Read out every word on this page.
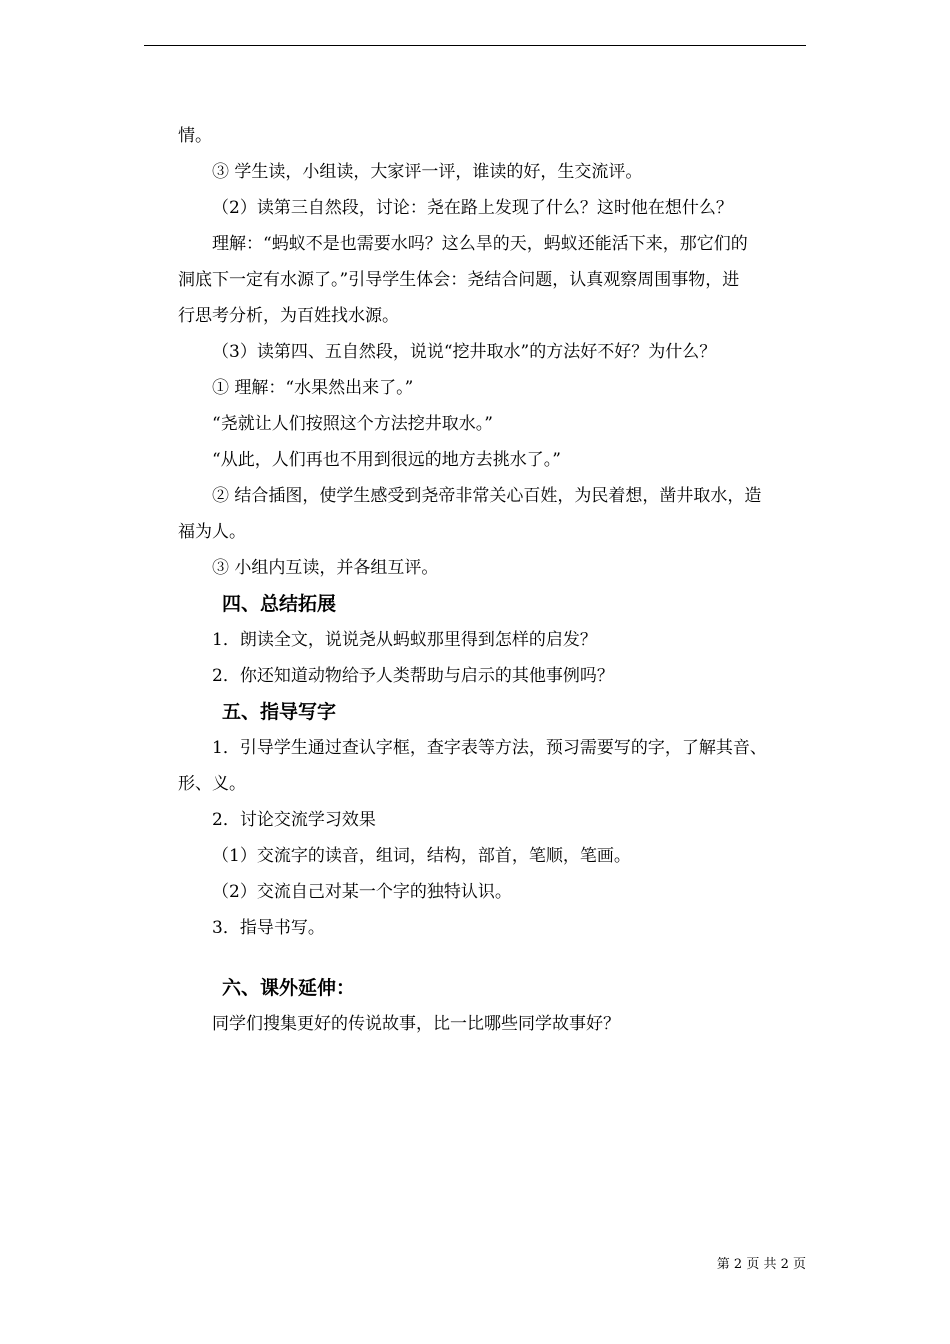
情。
③ 学生读，小组读，大家评一评，谁读的好，生交流评。
（2）读第三自然段，讨论：尧在路上发现了什么？这时他在想什么？
理解：“蚂蚁不是也需要水吗？这么旱的天，蚂蚁还能活下来，那它们的
洞底下一定有水源了。”引导学生体会：尧结合问题，认真观察周围事物，进
行思考分析，为百姓找水源。
（3）读第四、五自然段，说说“挖井取水”的方法好不好？为什么？
① 理解：“水果然出来了。”
“尧就让人们按照这个方法挖井取水。”
“从此，人们再也不用到很远的地方去挑水了。”
② 结合插图，使学生感受到尧帝非常关心百姓，为民着想，凿井取水，造
福为人。
③ 小组内互读，并各组互评。
四、总结拓展
1．朗读全文，说说尧从蚂蚁那里得到怎样的启发？
2．你还知道动物给予人类帮助与启示的其他事例吗？
五、指导写字
1．引导学生通过查认字框，查字表等方法，预习需要写的字，了解其音、
形、义。
2．讨论交流学习效果
（1）交流字的读音，组词，结构，部首，笔顺，笔画。
（2）交流自己对某一个字的独特认识。
3．指导书写。
六、课外延伸：
同学们搜集更好的传说故事，比一比哪些同学故事好？
第 2 页 共 2 页
